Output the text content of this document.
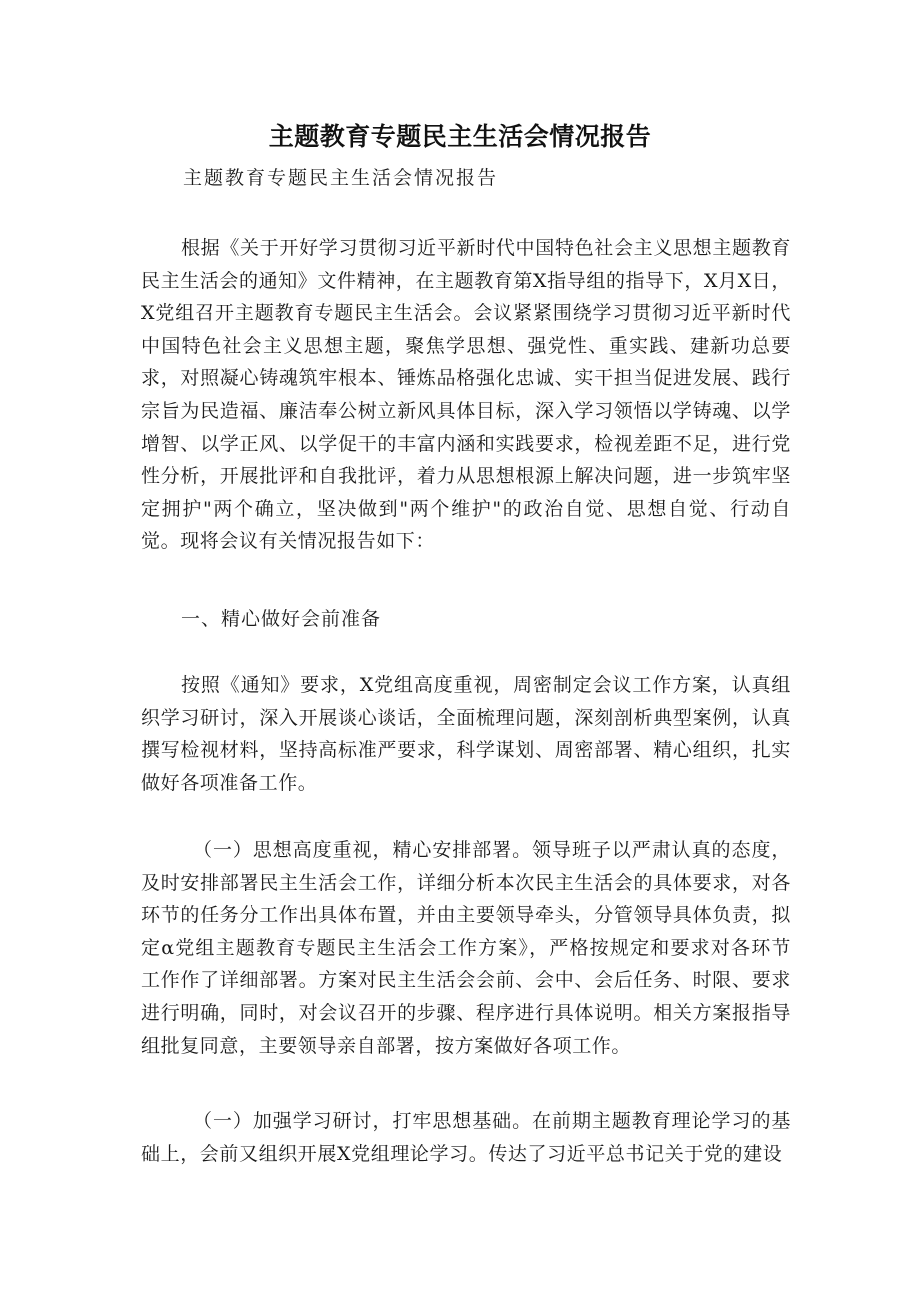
主题教育专题民主生活会情况报告
主题教育专题民主生活会情况报告

根据《关于开好学习贯彻习近平新时代中国特色社会主义思想主题教育民主生活会的通知》文件精神，在主题教育第X指导组的指导下，X月X日，X党组召开主题教育专题民主生活会。会议紧紧围绕学习贯彻习近平新时代中国特色社会主义思想主题，聚焦学思想、强党性、重实践、建新功总要求，对照凝心铸魂筑牢根本、锤炼品格强化忠诚、实干担当促进发展、践行宗旨为民造福、廉洁奉公树立新风具体目标，深入学习领悟以学铸魂、以学增智、以学正风、以学促干的丰富内涵和实践要求，检视差距不足，进行党性分析，开展批评和自我批评，着力从思想根源上解决问题，进一步筑牢坚定拥护"两个确立，坚决做到"两个维护"的政治自觉、思想自觉、行动自觉。现将会议有关情况报告如下：

一、精心做好会前准备

按照《通知》要求，X党组高度重视，周密制定会议工作方案，认真组织学习研讨，深入开展谈心谈话，全面梳理问题，深刻剖析典型案例，认真撰写检视材料，坚持高标准严要求，科学谋划、周密部署、精心组织，扎实做好各项准备工作。

（一）思想高度重视，精心安排部署。领导班子以严肃认真的态度，及时安排部署民主生活会工作，详细分析本次民主生活会的具体要求，对各环节的任务分工作出具体布置，并由主要领导牵头，分管领导具体负责，拟定α党组主题教育专题民主生活会工作方案》，严格按规定和要求对各环节工作作了详细部署。方案对民主生活会会前、会中、会后任务、时限、要求进行明确，同时，对会议召开的步骤、程序进行具体说明。相关方案报指导组批复同意，主要领导亲自部署，按方案做好各项工作。

（一）加强学习研讨，打牢思想基础。在前期主题教育理论学习的基础上，会前又组织开展X党组理论学习。传达了习近平总书记关于党的建设
